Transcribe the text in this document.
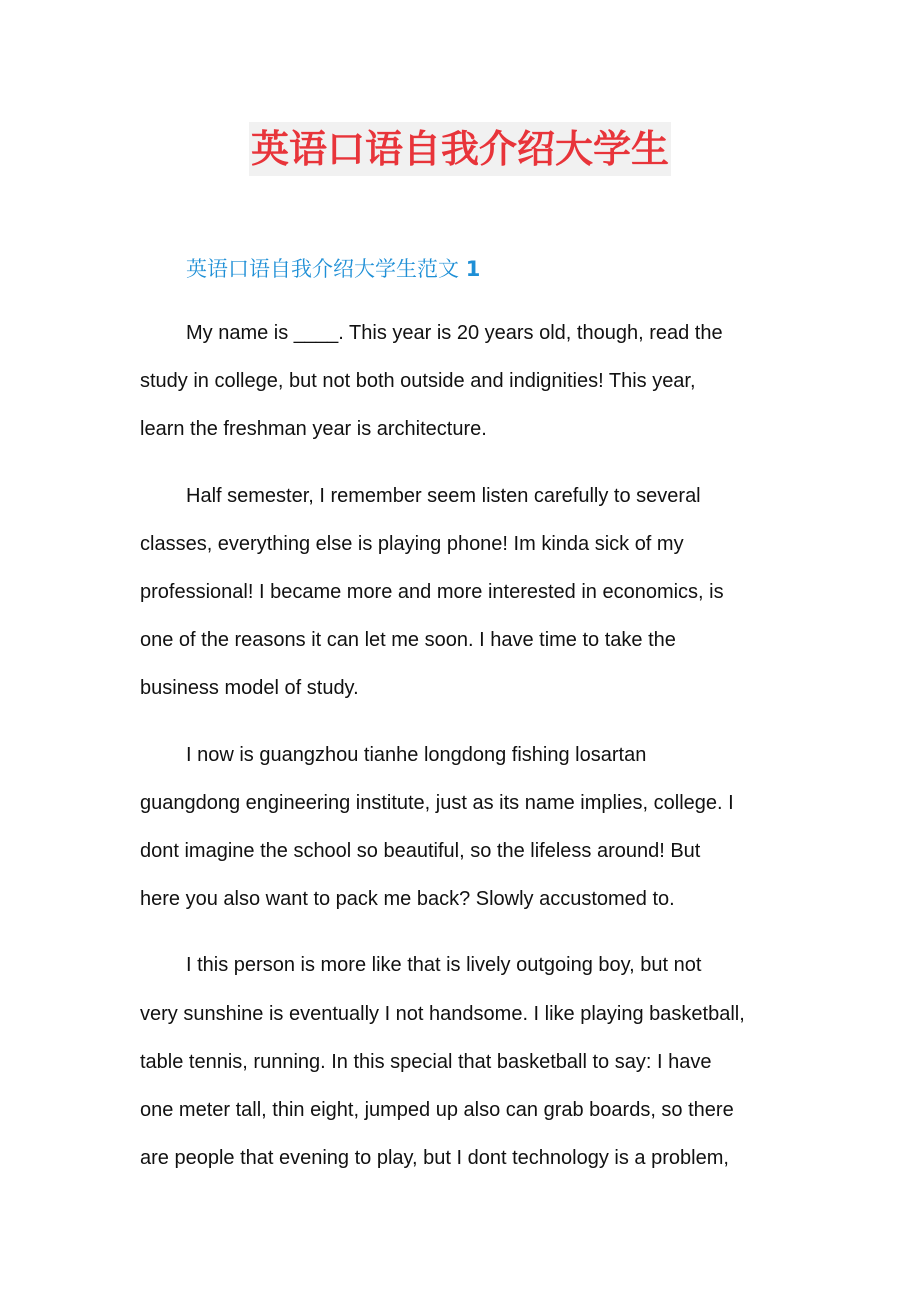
英语口语自我介绍大学生
英语口语自我介绍大学生范文 1

My name is ____. This year is 20 years old, though, read the
study in college, but not both outside and indignities! This year,
learn the freshman year is architecture.

Half semester, I remember seem listen carefully to several
classes, everything else is playing phone! Im kinda sick of my
professional! I became more and more interested in economics, is
one of the reasons it can let me soon. I have time to take the
business model of study.

I now is guangzhou tianhe longdong fishing losartan
guangdong engineering institute, just as its name implies, college. I
dont imagine the school so beautiful, so the lifeless around! But
here you also want to pack me back? Slowly accustomed to.

I this person is more like that is lively outgoing boy, but not
very sunshine is eventually I not handsome. I like playing basketball,
table tennis, running. In this special that basketball to say: I have
one meter tall, thin eight, jumped up also can grab boards, so there
are people that evening to play, but I dont technology is a problem,
